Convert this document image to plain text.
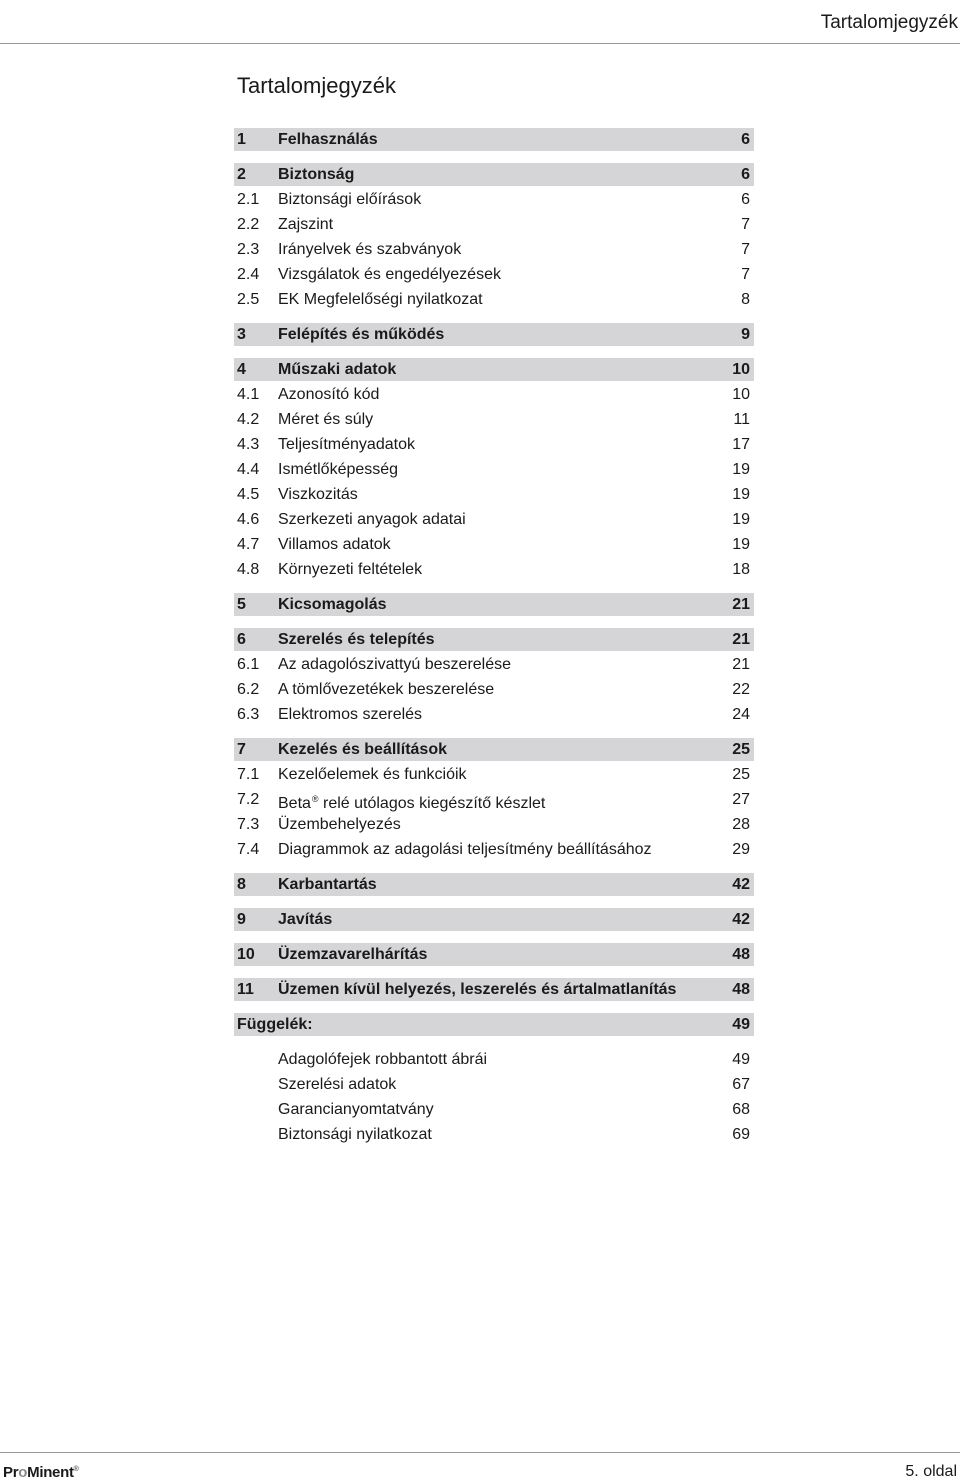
Tartalomjegyzék
Tartalomjegyzék
1 Felhasználás	6
2 Biztonság	6
2.1 Biztonsági előírások	6
2.2 Zajszint	7
2.3 Irányelvek és szabványok	7
2.4 Vizsgálatok és engedélyezések	7
2.5 EK Megfelelőségi nyilatkozat	8
3 Felépítés és működés	9
4 Műszaki adatok	10
4.1 Azonosító kód	10
4.2 Méret és súly	11
4.3 Teljesítményadatok	17
4.4 Ismétlőképesség	19
4.5 Viszkozitás	19
4.6 Szerkezeti anyagok adatai	19
4.7 Villamos adatok	19
4.8 Környezeti feltételek	18
5 Kicsomagolás	21
6 Szerelés és telepítés	21
6.1 Az adagolószivattyú beszerelése	21
6.2 A tömlővezetékek beszerelése	22
6.3 Elektromos szerelés	24
7 Kezelés és beállítások	25
7.1 Kezelőelemek és funkcióik	25
7.2 Beta® relé utólagos kiegészítő készlet	27
7.3 Üzembehelyezés	28
7.4 Diagrammok az adagolási teljesítmény beállításához	29
8 Karbantartás	42
9 Javítás	42
10 Üzemzavarelhárítás	48
11 Üzemen kívül helyezés, leszerelés és ártalmatlanítás	48
Függelék:	49
Adagolófejek robbantott ábrái	49
Szerelési adatok	67
Garancianyomtatvány	68
Biztonsági nyilatkozat	69
ProMinent®	5. oldal
